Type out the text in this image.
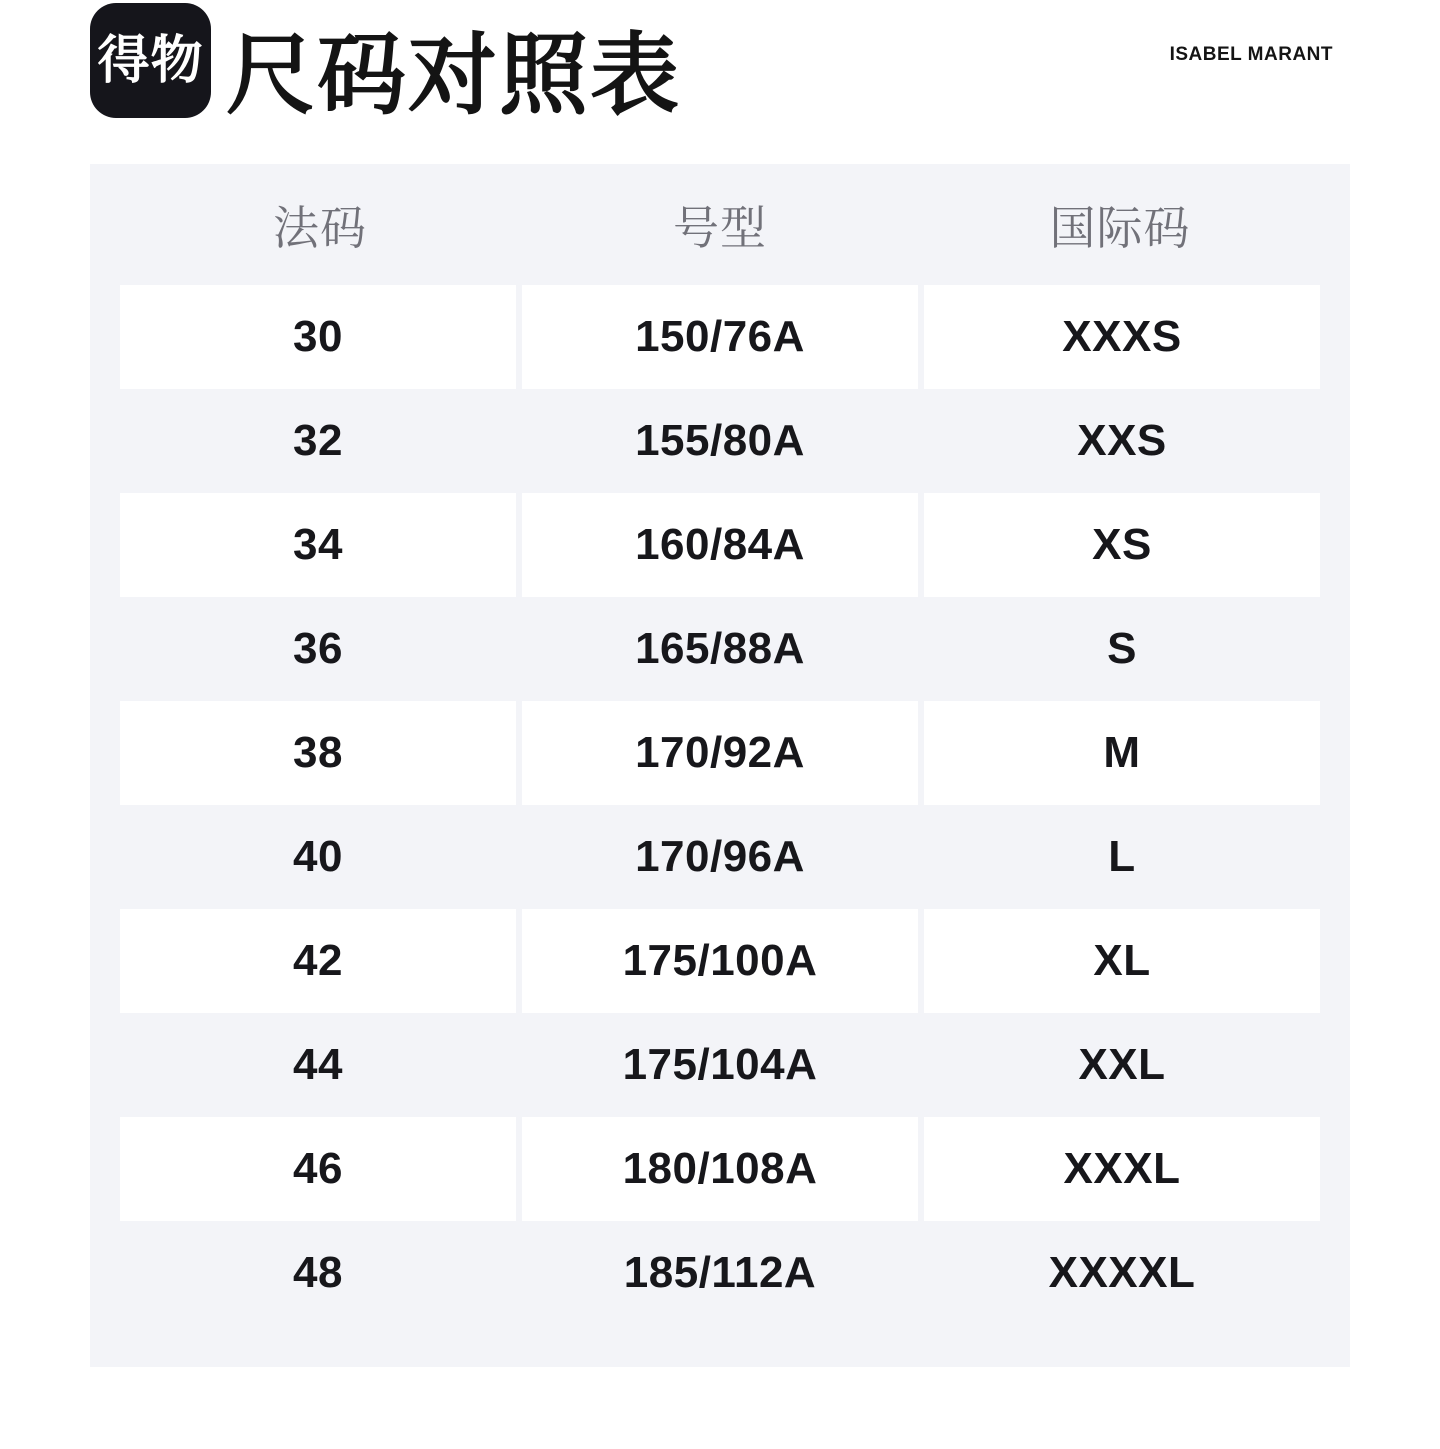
得物 尺码对照表	ISABEL MARANT
法码	号型	国际码
30	150/76A	XXXS
32	155/80A	XXS
34	160/84A	XS
36	165/88A	S
38	170/92A	M
40	170/96A	L
42	175/100A	XL
44	175/104A	XXL
46	180/108A	XXXL
48	185/112A	XXXXL
